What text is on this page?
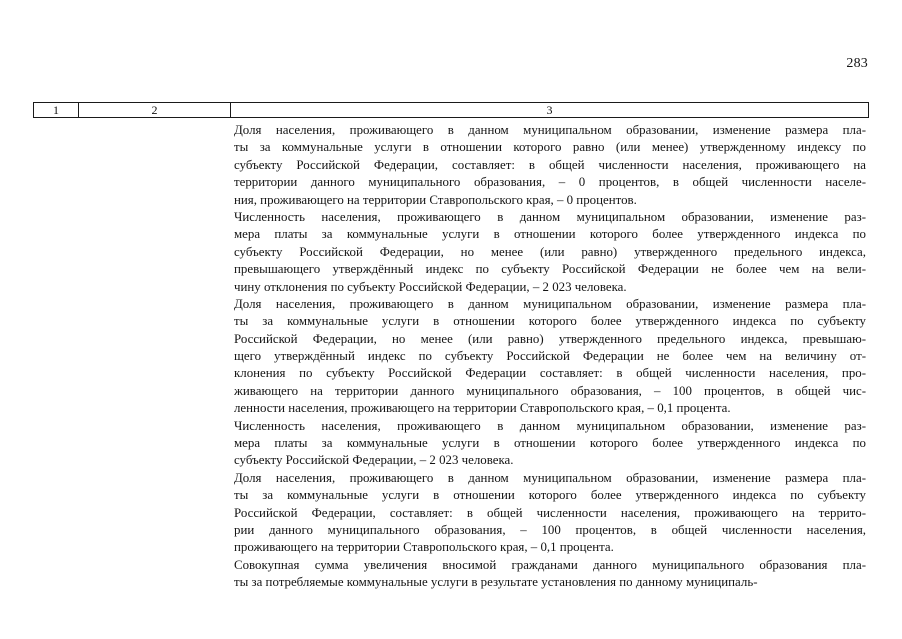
283
1	2	3
Доля населения, проживающего в данном муниципальном образовании, изменение размера пла-
ты за коммунальные услуги в отношении которого равно (или менее) утвержденному индексу по
субъекту Российской Федерации, составляет: в общей численности населения, проживающего на
территории данного муниципального образования, – 0 процентов, в общей численности населе-
ния, проживающего на территории Ставропольского края, – 0 процентов.
Численность населения, проживающего в данном муниципальном образовании, изменение раз-
мера платы за коммунальные услуги в отношении которого более утвержденного индекса по
субъекту Российской Федерации, но менее (или равно) утвержденного предельного индекса,
превышающего утверждённый индекс по субъекту Российской Федерации не более чем на вели-
чину отклонения по субъекту Российской Федерации, – 2 023 человека.
Доля населения, проживающего в данном муниципальном образовании, изменение размера пла-
ты за коммунальные услуги в отношении которого более утвержденного индекса по субъекту
Российской Федерации, но менее (или равно) утвержденного предельного индекса, превышаю-
щего утверждённый индекс по субъекту Российской Федерации не более чем на величину от-
клонения по субъекту Российской Федерации составляет: в общей численности населения, про-
живающего на территории данного муниципального образования, – 100 процентов, в общей чис-
ленности населения, проживающего на территории Ставропольского края, – 0,1 процента.
Численность населения, проживающего в данном муниципальном образовании, изменение раз-
мера платы за коммунальные услуги в отношении которого более утвержденного индекса по
субъекту Российской Федерации, – 2 023 человека.
Доля населения, проживающего в данном муниципальном образовании, изменение размера пла-
ты за коммунальные услуги в отношении которого более утвержденного индекса по субъекту
Российской Федерации, составляет: в общей численности населения, проживающего на террито-
рии данного муниципального образования, – 100 процентов, в общей численности населения,
проживающего на территории Ставропольского края, – 0,1 процента.
Совокупная сумма увеличения вносимой гражданами данного муниципального образования пла-
ты за потребляемые коммунальные услуги в результате установления по данному муниципаль-
